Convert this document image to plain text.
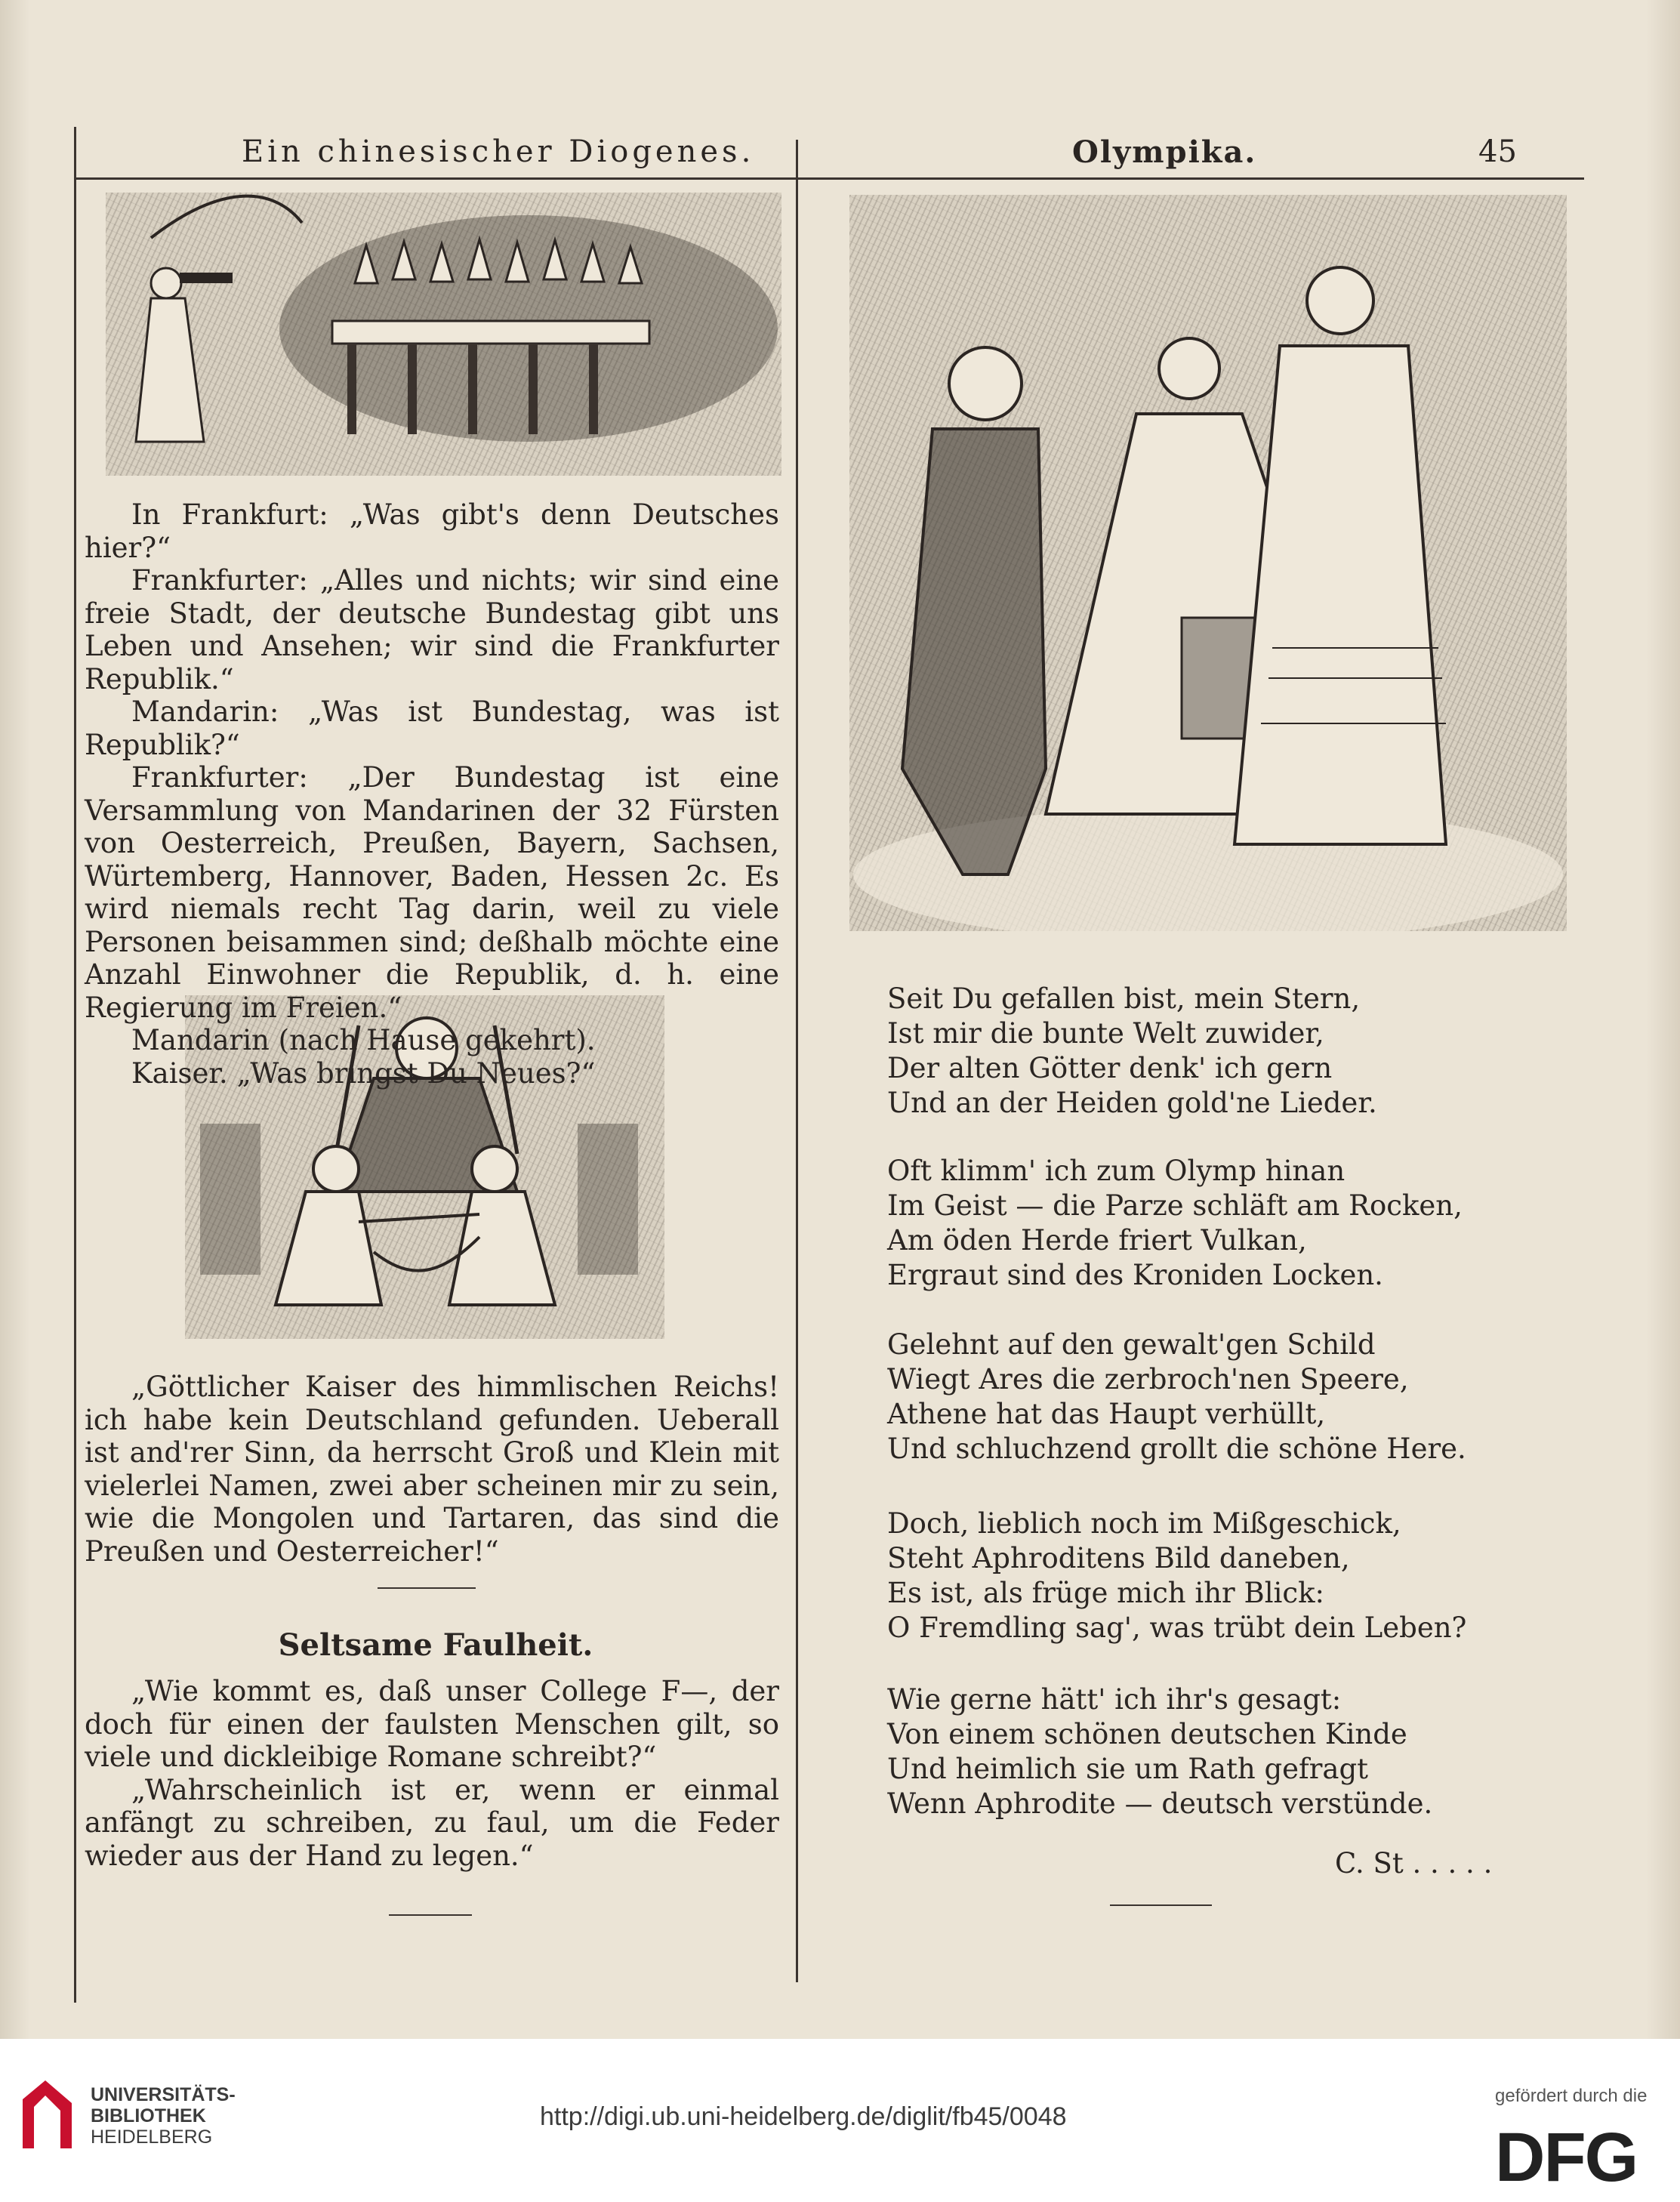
Ein chinesischer Diogenes.	Olympika.	45

In Frankfurt: „Was gibt's denn Deutsches hier?“

Frankfurter: „Alles und nichts; wir sind eine freie Stadt, der deutsche Bundestag gibt uns Leben und Ansehen; wir sind die Frankfurter Republik.“

Mandarin: „Was ist Bundestag, was ist Republik?“

Frankfurter: „Der Bundestag ist eine Versammlung von Mandarinen der 32 Fürsten von Oesterreich, Preußen, Bayern, Sachsen, Würtemberg, Hannover, Baden, Hessen 2c. Es wird niemals recht Tag darin, weil zu viele Personen beisammen sind; deßhalb möchte eine Anzahl Einwohner die Republik, d. h. eine Regierung im Freien.“

Mandarin (nach Hause gekehrt).

Kaiser. „Was bringst Du Neues?“

„Göttlicher Kaiser des himmlischen Reichs! ich habe kein Deutschland gefunden. Ueberall ist and'rer Sinn, da herrscht Groß und Klein mit vielerlei Namen, zwei aber scheinen mir zu sein, wie die Mongolen und Tartaren, das sind die Preußen und Oesterreicher!“

Seltsame Faulheit.

„Wie kommt es, daß unser College F—, der doch für einen der faulsten Menschen gilt, so viele und dickleibige Romane schreibt?“

„Wahrscheinlich ist er, wenn er einmal anfängt zu schreiben, zu faul, um die Feder wieder aus der Hand zu legen.“

Seit Du gefallen bist, mein Stern,
Ist mir die bunte Welt zuwider,
Der alten Götter denk' ich gern
Und an der Heiden gold'ne Lieder.
Oft klimm' ich zum Olymp hinan
Im Geist — die Parze schläft am Rocken,
Am öden Herde friert Vulkan,
Ergraut sind des Kroniden Locken.
Gelehnt auf den gewalt'gen Schild
Wiegt Ares die zerbroch'nen Speere,
Athene hat das Haupt verhüllt,
Und schluchzend grollt die schöne Here.
Doch, lieblich noch im Mißgeschick,
Steht Aphroditens Bild daneben,
Es ist, als früge mich ihr Blick:
O Fremdling sag', was trübt dein Leben?
Wie gerne hätt' ich ihr's gesagt:
Von einem schönen deutschen Kinde
Und heimlich sie um Rath gefragt
Wenn Aphrodite — deutsch verstünde.
C. St . . . . .
UNIVERSITÄTS-
BIBLIOTHEK
HEIDELBERG
http://digi.ub.uni-heidelberg.de/diglit/fb45/0048
gefördert durch die
DFG
